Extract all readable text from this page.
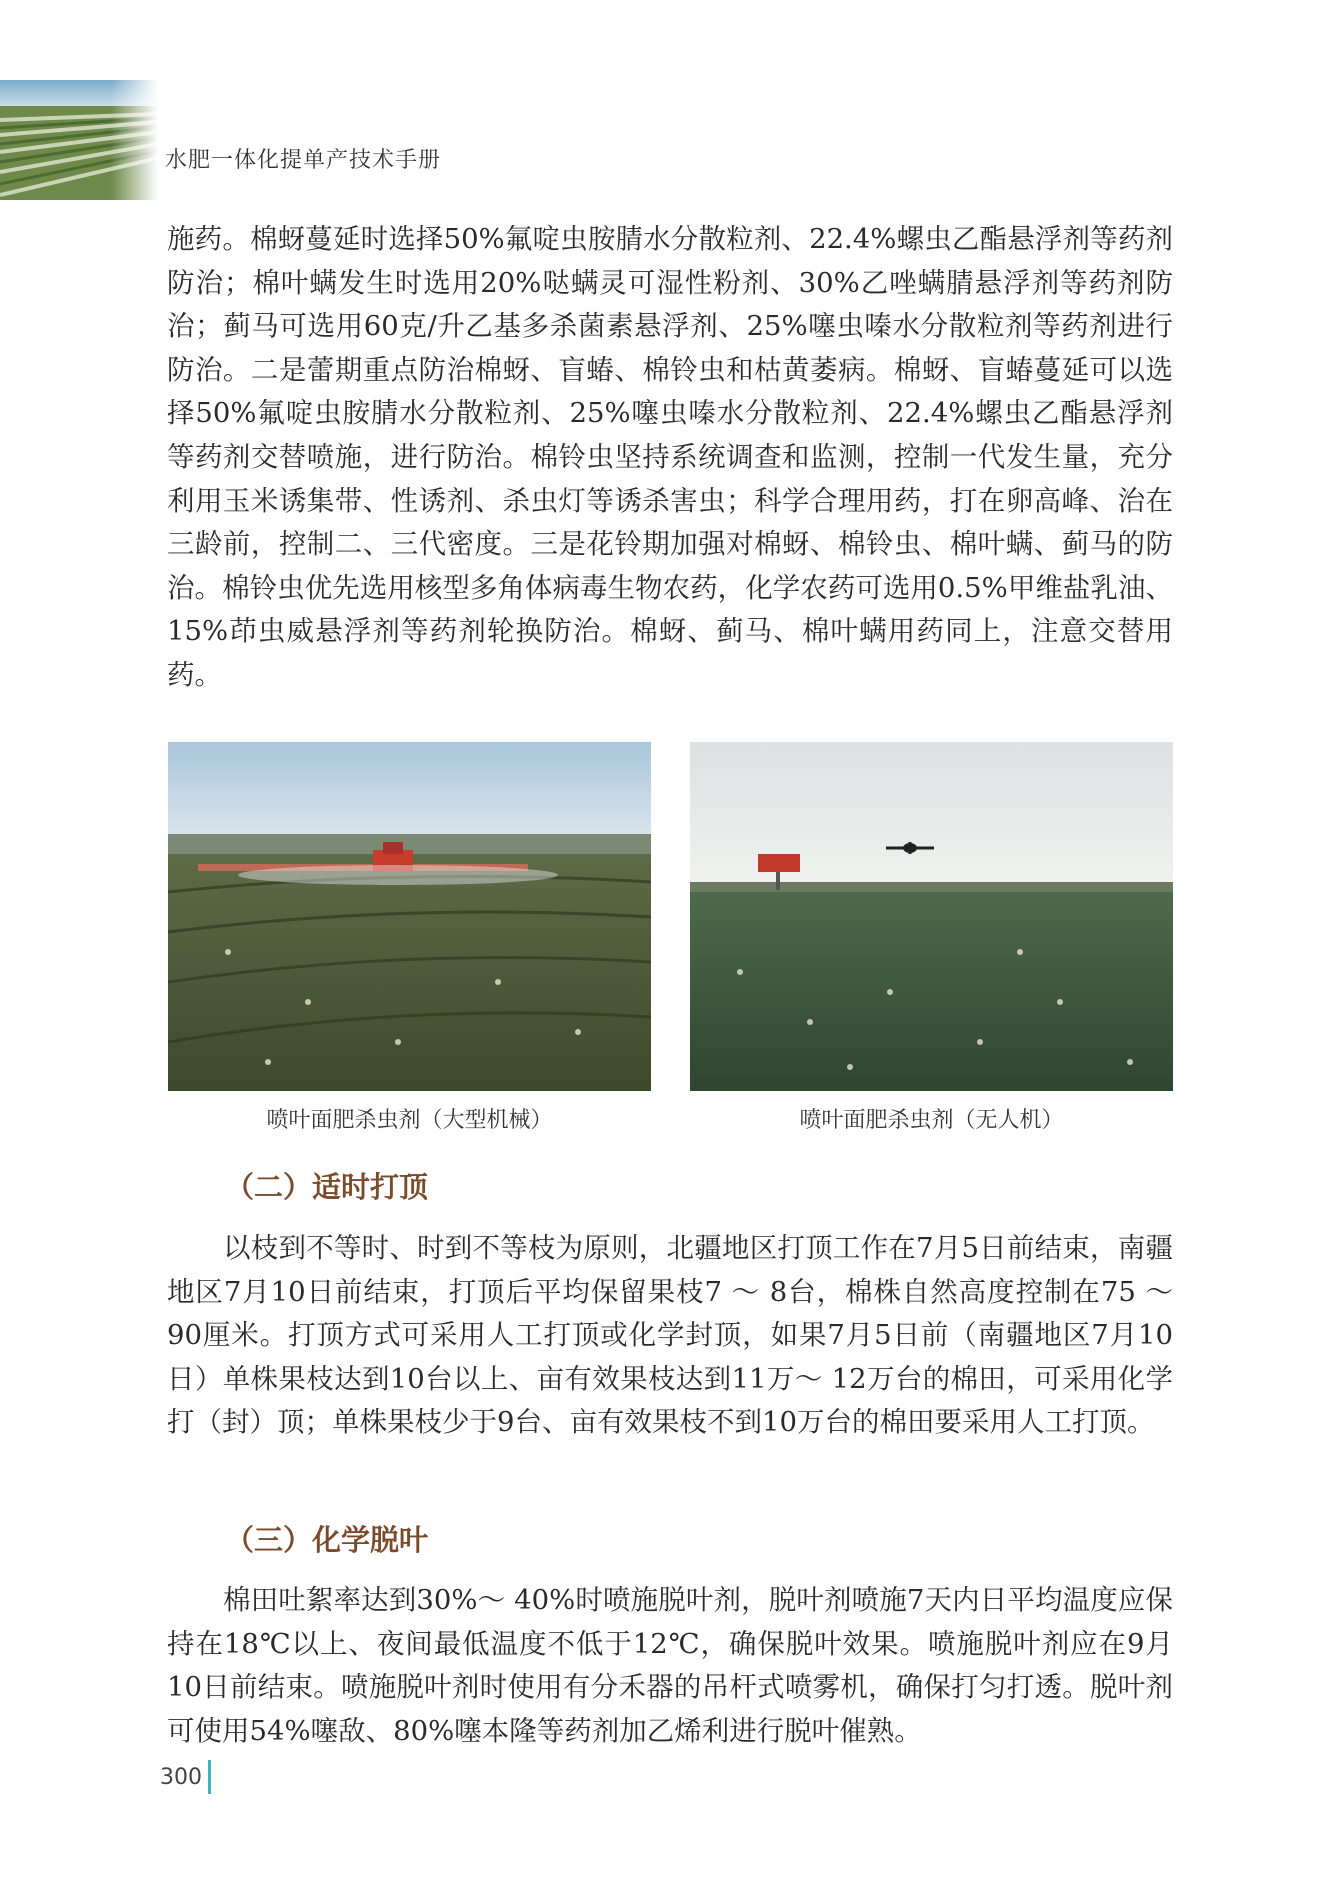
水肥一体化提单产技术手册

施药。棉蚜蔓延时选择50%氟啶虫胺腈水分散粒剂、22.4%螺虫乙酯悬浮剂等药剂防治；棉叶螨发生时选用20%哒螨灵可湿性粉剂、30%乙唑螨腈悬浮剂等药剂防治；蓟马可选用60克/升乙基多杀菌素悬浮剂、25%噻虫嗪水分散粒剂等药剂进行防治。二是蕾期重点防治棉蚜、盲蝽、棉铃虫和枯黄萎病。棉蚜、盲蝽蔓延可以选择50%氟啶虫胺腈水分散粒剂、25%噻虫嗪水分散粒剂、22.4%螺虫乙酯悬浮剂等药剂交替喷施，进行防治。棉铃虫坚持系统调查和监测，控制一代发生量，充分利用玉米诱集带、性诱剂、杀虫灯等诱杀害虫；科学合理用药，打在卵高峰、治在三龄前，控制二、三代密度。三是花铃期加强对棉蚜、棉铃虫、棉叶螨、蓟马的防治。棉铃虫优先选用核型多角体病毒生物农药，化学农药可选用0.5%甲维盐乳油、15%茚虫威悬浮剂等药剂轮换防治。棉蚜、蓟马、棉叶螨用药同上，注意交替用药。

喷叶面肥杀虫剂（大型机械）	喷叶面肥杀虫剂（无人机）
（二）适时打顶

以枝到不等时、时到不等枝为原则，北疆地区打顶工作在7月5日前结束，南疆地区7月10日前结束，打顶后平均保留果枝7 ～ 8台，棉株自然高度控制在75 ～ 90厘米。打顶方式可采用人工打顶或化学封顶，如果7月5日前（南疆地区7月10日）单株果枝达到10台以上、亩有效果枝达到11万～ 12万台的棉田，可采用化学打（封）顶；单株果枝少于9台、亩有效果枝不到10万台的棉田要采用人工打顶。

（三）化学脱叶

棉田吐絮率达到30%～ 40%时喷施脱叶剂，脱叶剂喷施7天内日平均温度应保持在18℃以上、夜间最低温度不低于12℃，确保脱叶效果。喷施脱叶剂应在9月10日前结束。喷施脱叶剂时使用有分禾器的吊杆式喷雾机，确保打匀打透。脱叶剂可使用54%噻敌、80%噻本隆等药剂加乙烯利进行脱叶催熟。

300
